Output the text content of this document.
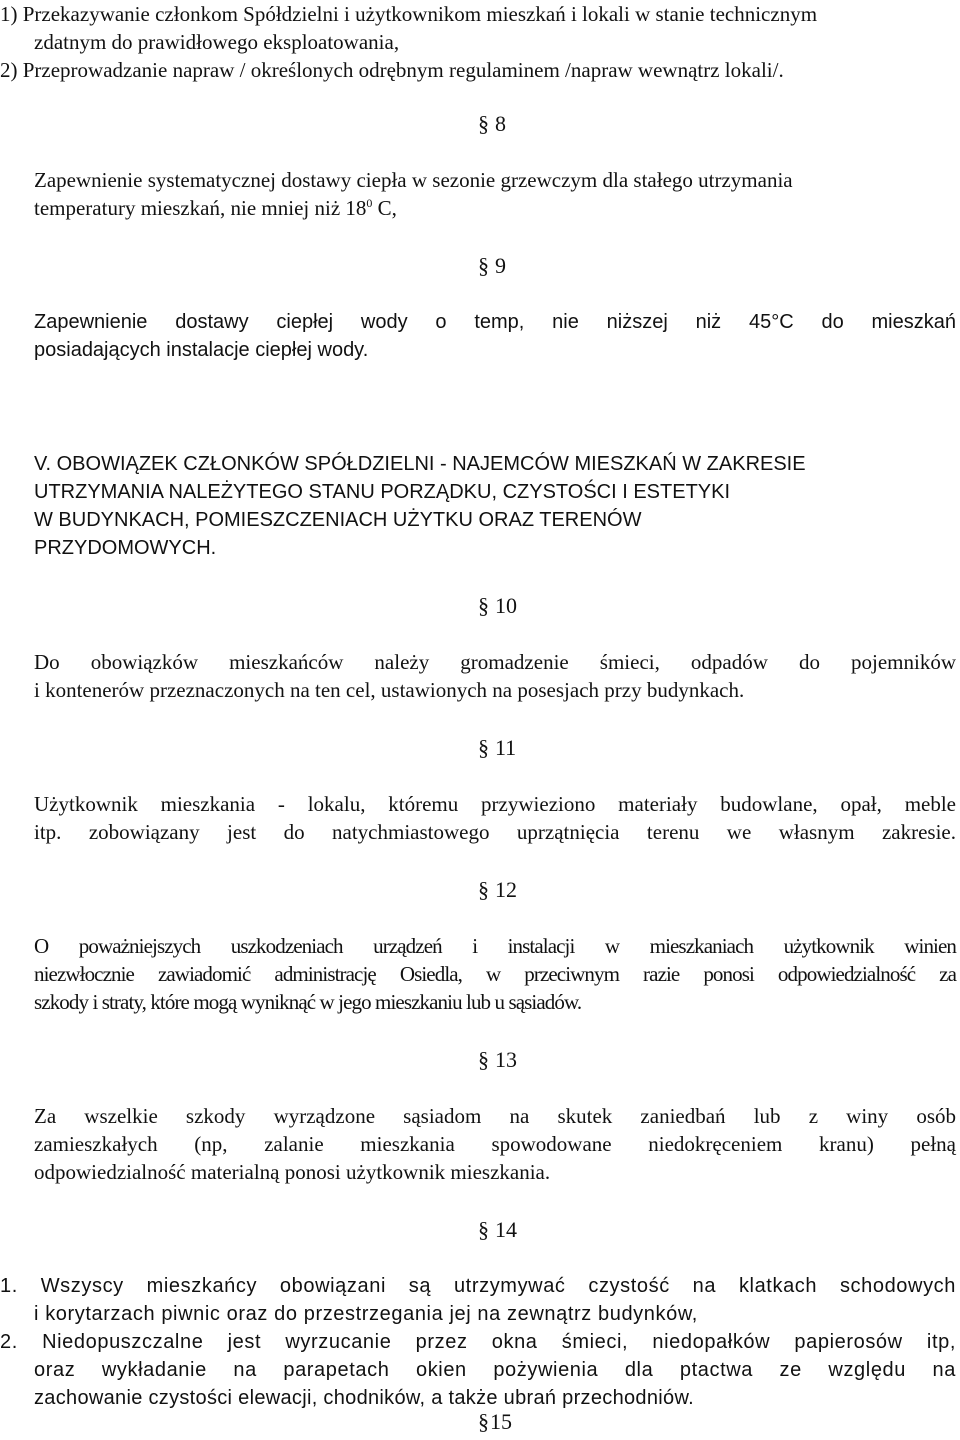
1) Przekazywanie członkom Spółdzielni i użytkownikom mieszkań i lokali w stanie technicznym
zdatnym do prawidłowego eksploatowania,
2) Przeprowadzanie napraw / określonych odrębnym regulaminem /napraw wewnątrz lokali/.
§ 8
Zapewnienie systematycznej dostawy ciepła w sezonie grzewczym dla stałego utrzymania
temperatury mieszkań, nie mniej niż $18^0$ C,
§ 9
Zapewnienie dostawy ciepłej wody o temp, nie niższej niż 45°C do mieszkań
posiadających instalacje ciepłej wody.
V. OBOWIĄZEK CZŁONKÓW SPÓŁDZIELNI - NAJEMCÓW MIESZKAŃ W ZAKRESIE
UTRZYMANIA NALEŻYTEGO STANU PORZĄDKU, CZYSTOŚCI I ESTETYKI
W BUDYNKACH, POMIESZCZENIACH UŻYTKU ORAZ TERENÓW
PRZYDOMOWYCH.
§ 10
Do obowiązków mieszkańców należy gromadzenie śmieci, odpadów do pojemników
i kontenerów przeznaczonych na ten cel, ustawionych na posesjach przy budynkach.
§ 11
Użytkownik mieszkania - lokalu, któremu przywieziono materiały budowlane, opał, meble
itp. zobowiązany jest do natychmiastowego uprzątnięcia terenu we własnym zakresie.
§ 12
O poważniejszych uszkodzeniach urządzeń i instalacji w mieszkaniach użytkownik winien
niezwłocznie zawiadomić administrację Osiedla, w przeciwnym razie ponosi odpowiedzialność za
szkody i straty, które mogą wyniknąć w jego mieszkaniu lub u sąsiadów.
§ 13
Za wszelkie szkody wyrządzone sąsiadom na skutek zaniedbań lub z winy osób
zamieszkałych (np, zalanie mieszkania spowodowane niedokręceniem kranu) pełną
odpowiedzialność materialną ponosi użytkownik mieszkania.
§ 14
1. Wszyscy mieszkańcy obowiązani są utrzymywać czystość na klatkach schodowych
i korytarzach piwnic oraz do przestrzegania jej na zewnątrz budynków,
2. Niedopuszczalne jest wyrzucanie przez okna śmieci, niedopałków papierosów itp,
oraz wykładanie na parapetach okien pożywienia dla ptactwa ze względu na
zachowanie czystości elewacji, chodników, a także ubrań przechodniów.
§15
